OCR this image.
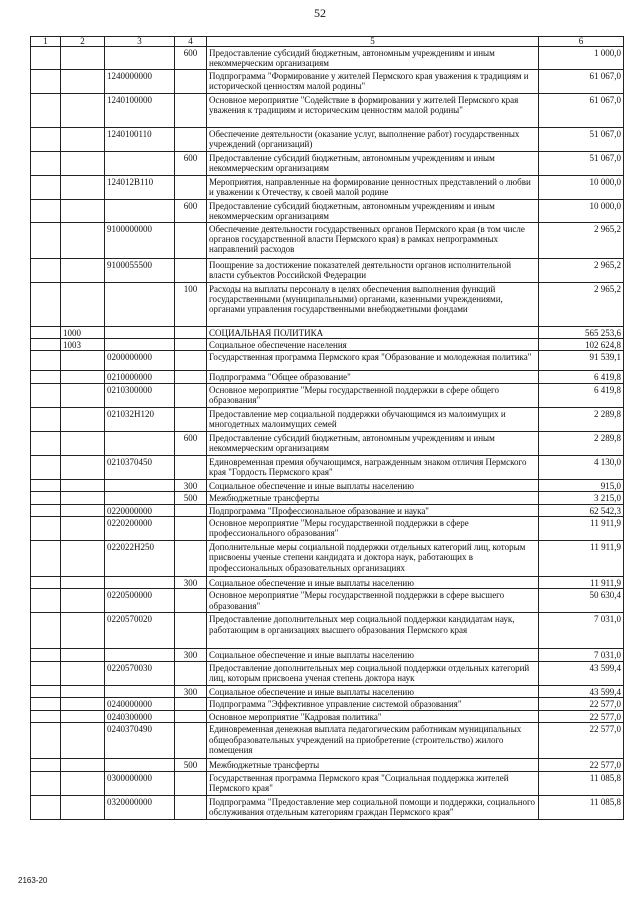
52
1	2	3	4	5	6
			600	Предоставление субсидий бюджетным, автономным учреждениям и иным некоммерческим организациям	1 000,0
		1240000000		Подпрограмма "Формирование у жителей Пермского края уважения к традициям и исторической ценностям малой родины"	61 067,0
		1240100000		Основное мероприятие "Содействие в формировании у жителей Пермского края уважения к традициям и историческим ценностям малой родины"	61 067,0
		1240100110		Обеспечение деятельности (оказание услуг, выполнение работ) государственных учреждений (организаций)	51 067,0
			600	Предоставление субсидий бюджетным, автономным учреждениям и иным некоммерческим организациям	51 067,0
		124012В110		Мероприятия, направленные на формирование ценностных представлений о любви и уважении к Отечеству, к своей малой родине	10 000,0
			600	Предоставление субсидий бюджетным, автономным учреждениям и иным некоммерческим организациям	10 000,0
		9100000000		Обеспечение деятельности государственных органов Пермского края (в том числе органов государственной власти Пермского края) в рамках непрограммных направлений расходов	2 965,2
		9100055500		Поощрение за достижение показателей деятельности органов исполнительной власти субъектов Российской Федерации	2 965,2
			100	Расходы на выплаты персоналу в целях обеспечения выполнения функций государственными (муниципальными) органами, казенными учреждениями, органами управления государственными внебюджетными фондами	2 965,2
	1000			СОЦИАЛЬНАЯ ПОЛИТИКА	565 253,6
	1003			Социальное обеспечение населения	102 624,8
		0200000000		Государственная программа Пермского края "Образование и молодежная политика"	91 539,1
		0210000000		Подпрограмма "Общее образование"	6 419,8
		0210300000		Основное мероприятие "Меры государственной поддержки в сфере общего образования"	6 419,8
		021032Н120		Предоставление мер социальной поддержки обучающимся из малоимущих и многодетных малоимущих семей	2 289,8
			600	Предоставление субсидий бюджетным, автономным учреждениям и иным некоммерческим организациям	2 289,8
		0210370450		Единовременная премия обучающимся, награжденным знаком отличия Пермского края "Гордость Пермского края"	4 130,0
			300	Социальное обеспечение и иные выплаты населению	915,0
			500	Межбюджетные трансферты	3 215,0
		0220000000		Подпрограмма "Профессиональное образование и наука"	62 542,3
		0220200000		Основное мероприятие "Меры государственной поддержки в сфере профессионального образования"	11 911,9
		022022Н250		Дополнительные меры социальной поддержки отдельных категорий лиц, которым присвоены ученые степени кандидата и доктора наук, работающих в профессиональных образовательных организациях	11 911,9
			300	Социальное обеспечение и иные выплаты населению	11 911,9
		0220500000		Основное мероприятие "Меры государственной поддержки в сфере высшего образования"	50 630,4
		0220570020		Предоставление дополнительных мер социальной поддержки кандидатам наук, работающим в организациях высшего образования Пермского края	7 031,0
			300	Социальное обеспечение и иные выплаты населению	7 031,0
		0220570030		Предоставление дополнительных мер социальной поддержки отдельных категорий лиц, которым присвоена ученая степень доктора наук	43 599,4
			300	Социальное обеспечение и иные выплаты населению	43 599,4
		0240000000		Подпрограмма "Эффективное управление системой образования"	22 577,0
		0240300000		Основное мероприятие "Кадровая политика"	22 577,0
		0240370490		Единовременная денежная выплата педагогическим работникам муниципальных общеобразовательных учреждений на приобретение (строительство) жилого помещения	22 577,0
			500	Межбюджетные трансферты	22 577,0
		0300000000		Государственная программа Пермского края "Социальная поддержка жителей Пермского края"	11 085,8
		0320000000		Подпрограмма "Предоставление мер социальной помощи и поддержки, социального обслуживания отдельным категориям граждан Пермского края"	11 085,8
2163-20
